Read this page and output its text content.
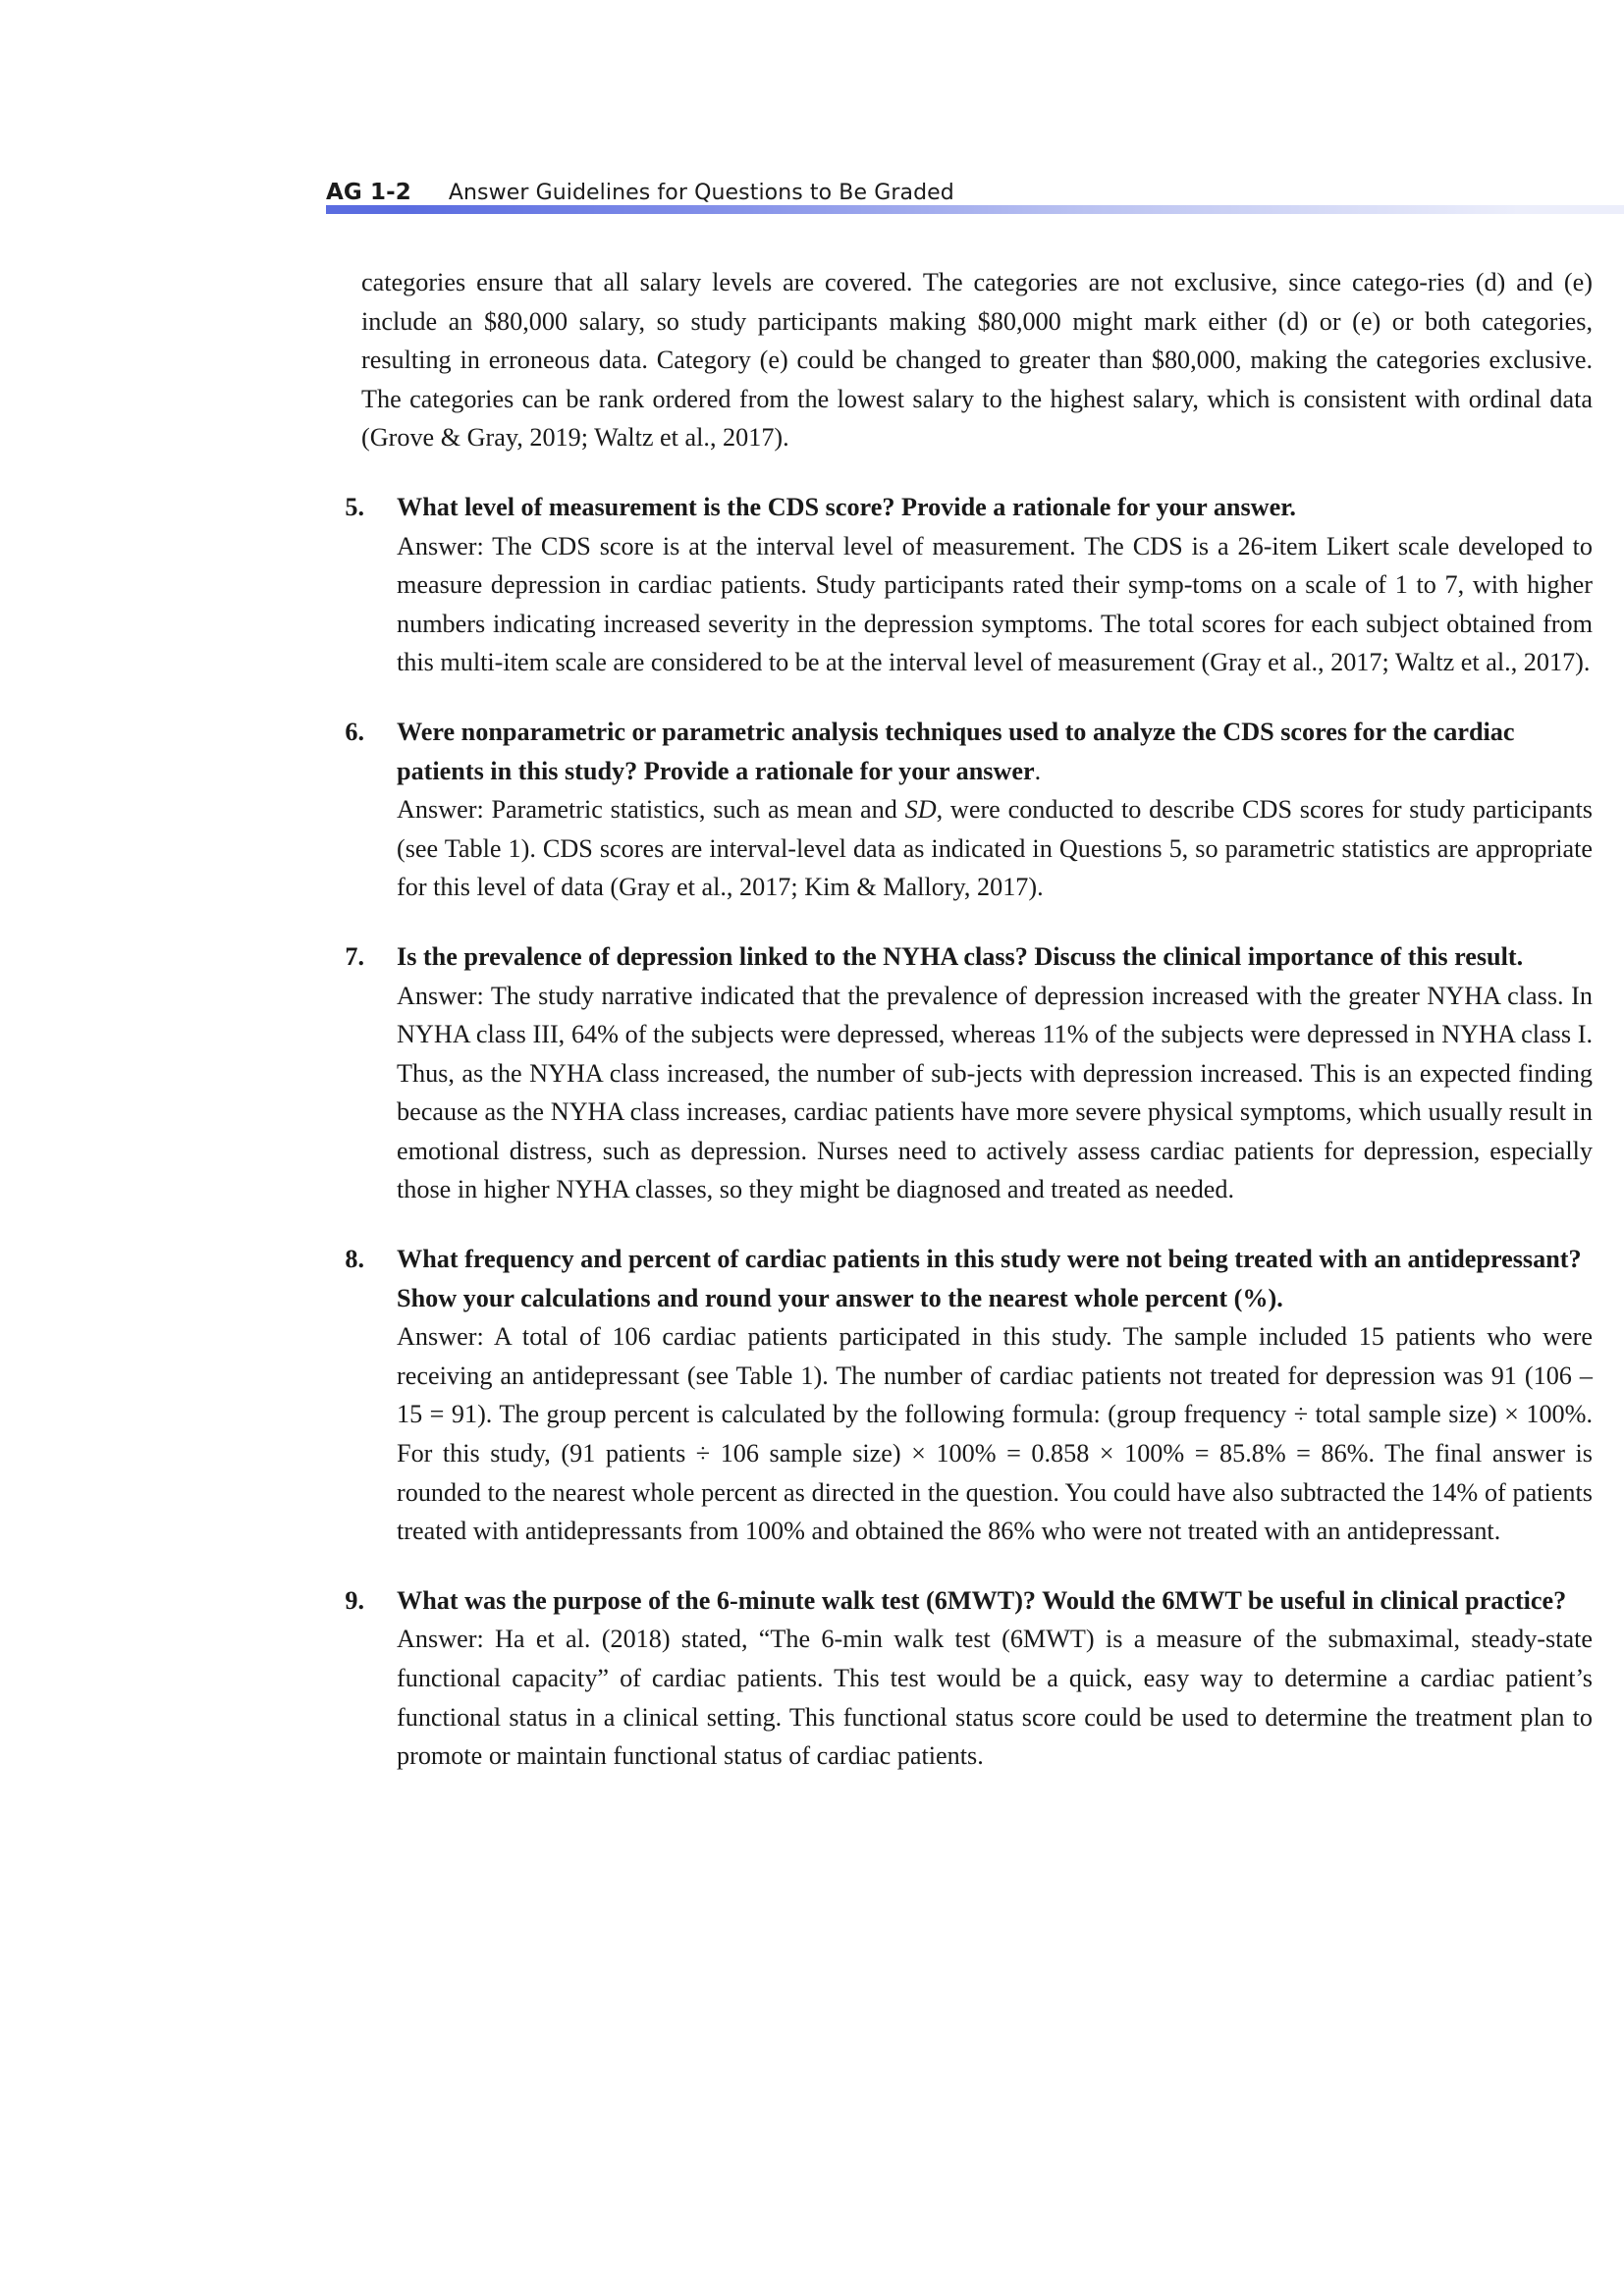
AG 1-2 Answer Guidelines for Questions to Be Graded

categories ensure that all salary levels are covered. The categories are not exclusive, since catego-ries (d) and (e) include an $80,000 salary, so study participants making $80,000 might mark either (d) or (e) or both categories, resulting in erroneous data. Category (e) could be changed to greater than $80,000, making the categories exclusive. The categories can be rank ordered from the lowest salary to the highest salary, which is consistent with ordinal data (Grove & Gray, 2019; Waltz et al., 2017).

5. What level of measurement is the CDS score? Provide a rationale for your answer.

Answer: The CDS score is at the interval level of measurement. The CDS is a 26-item Likert scale developed to measure depression in cardiac patients. Study participants rated their symp-toms on a scale of 1 to 7, with higher numbers indicating increased severity in the depression symptoms. The total scores for each subject obtained from this multi-item scale are considered to be at the interval level of measurement (Gray et al., 2017; Waltz et al., 2017).

6. Were nonparametric or parametric analysis techniques used to analyze the CDS scores for the cardiac patients in this study? Provide a rationale for your answer.

Answer: Parametric statistics, such as mean and SD, were conducted to describe CDS scores for study participants (see Table 1). CDS scores are interval-level data as indicated in Questions 5, so parametric statistics are appropriate for this level of data (Gray et al., 2017; Kim & Mallory, 2017).

7. Is the prevalence of depression linked to the NYHA class? Discuss the clinical importance of this result.

Answer: The study narrative indicated that the prevalence of depression increased with the greater NYHA class. In NYHA class III, 64% of the subjects were depressed, whereas 11% of the subjects were depressed in NYHA class I. Thus, as the NYHA class increased, the number of sub-jects with depression increased. This is an expected finding because as the NYHA class increases, cardiac patients have more severe physical symptoms, which usually result in emotional distress, such as depression. Nurses need to actively assess cardiac patients for depression, especially those in higher NYHA classes, so they might be diagnosed and treated as needed.

8. What frequency and percent of cardiac patients in this study were not being treated with an antidepressant? Show your calculations and round your answer to the nearest whole percent (%).

Answer: A total of 106 cardiac patients participated in this study. The sample included 15 patients who were receiving an antidepressant (see Table 1). The number of cardiac patients not treated for depression was 91 (106 – 15 = 91). The group percent is calculated by the following formula: (group frequency ÷ total sample size) × 100%. For this study, (91 patients ÷ 106 sample size) × 100% = 0.858 × 100% = 85.8% = 86%. The final answer is rounded to the nearest whole percent as directed in the question. You could have also subtracted the 14% of patients treated with antidepressants from 100% and obtained the 86% who were not treated with an antidepressant.

9. What was the purpose of the 6-minute walk test (6MWT)? Would the 6MWT be useful in clinical practice?

Answer: Ha et al. (2018) stated, “The 6-min walk test (6MWT) is a measure of the submaximal, steady-state functional capacity” of cardiac patients. This test would be a quick, easy way to determine a cardiac patient’s functional status in a clinical setting. This functional status score could be used to determine the treatment plan to promote or maintain functional status of cardiac patients.
